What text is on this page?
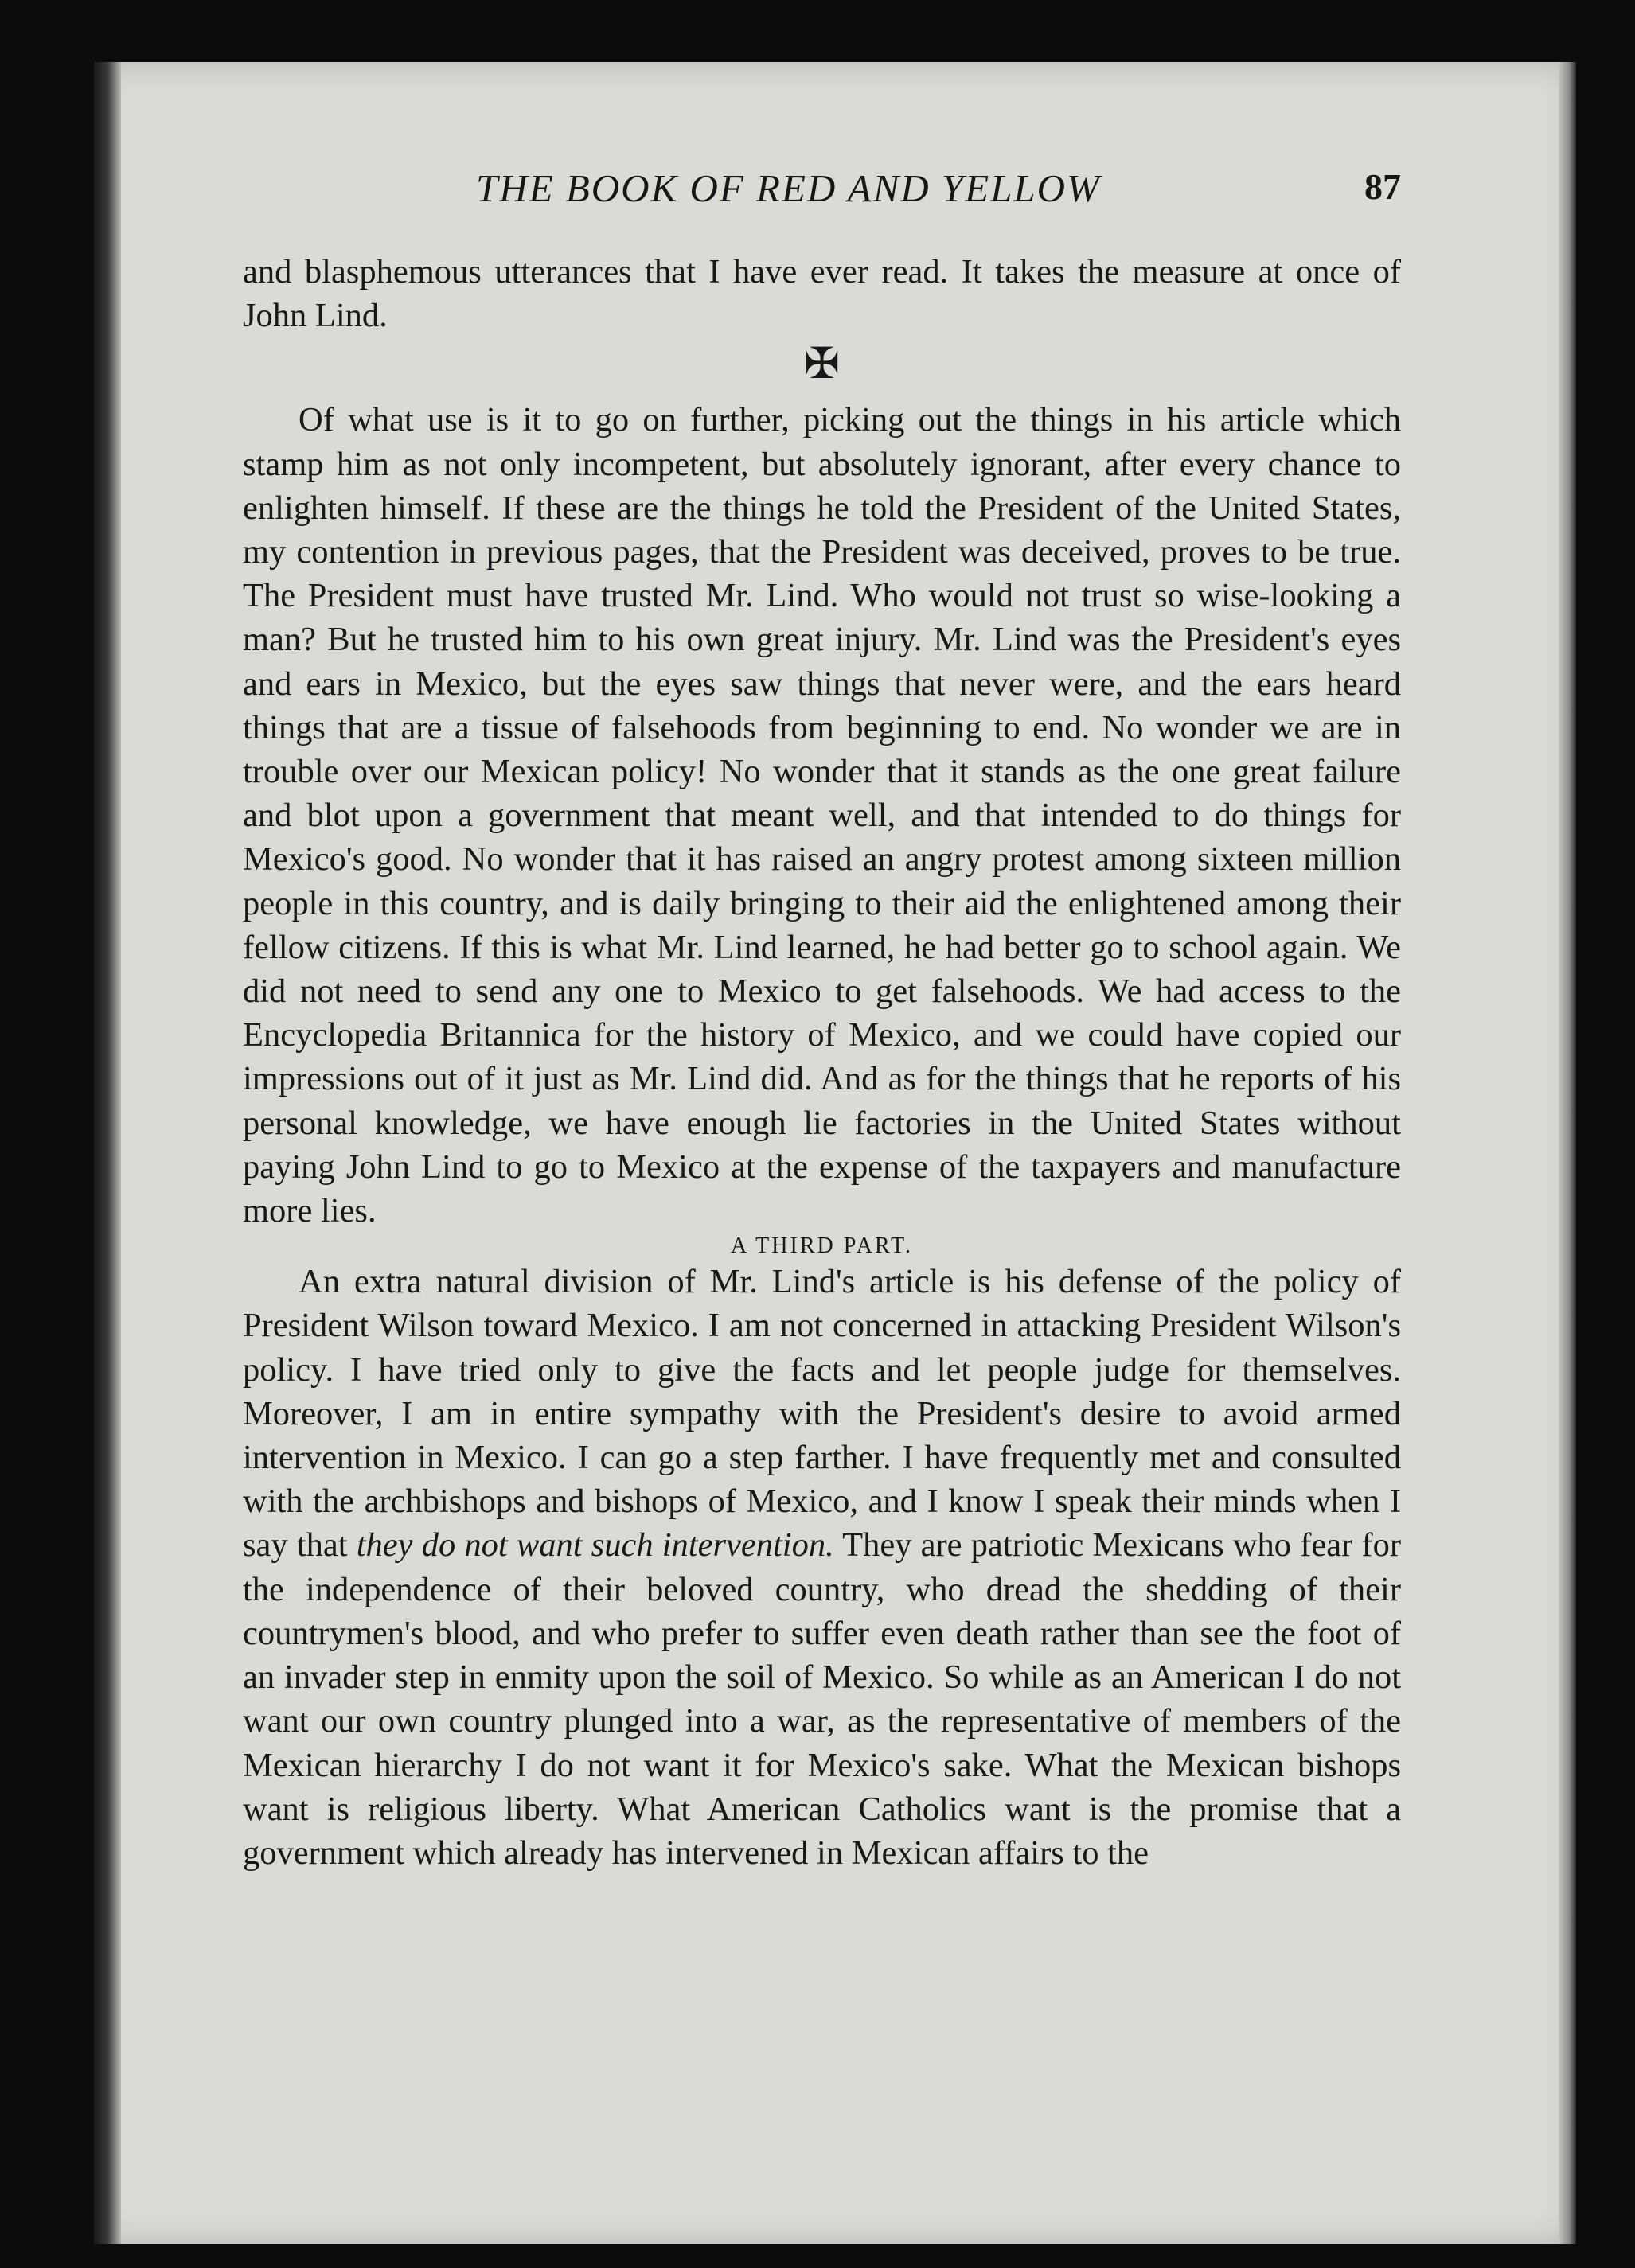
THE BOOK OF RED AND YELLOW	87

and blasphemous utterances that I have ever read. It takes the measure at once of John Lind.

✠

Of what use is it to go on further, picking out the things in his article which stamp him as not only incompetent, but absolutely ignorant, after every chance to enlighten himself. If these are the things he told the President of the United States, my contention in previous pages, that the President was deceived, proves to be true. The President must have trusted Mr. Lind. Who would not trust so wise-looking a man? But he trusted him to his own great injury. Mr. Lind was the President's eyes and ears in Mexico, but the eyes saw things that never were, and the ears heard things that are a tissue of falsehoods from beginning to end. No wonder we are in trouble over our Mexican policy! No wonder that it stands as the one great failure and blot upon a government that meant well, and that intended to do things for Mexico's good. No wonder that it has raised an angry protest among sixteen million people in this country, and is daily bringing to their aid the enlightened among their fellow citizens. If this is what Mr. Lind learned, he had better go to school again. We did not need to send any one to Mexico to get falsehoods. We had access to the Encyclopedia Britannica for the history of Mexico, and we could have copied our impressions out of it just as Mr. Lind did. And as for the things that he reports of his personal knowledge, we have enough lie factories in the United States without paying John Lind to go to Mexico at the expense of the taxpayers and manufacture more lies.

A THIRD PART.

An extra natural division of Mr. Lind's article is his defense of the policy of President Wilson toward Mexico. I am not concerned in attacking President Wilson's policy. I have tried only to give the facts and let people judge for themselves. Moreover, I am in entire sympathy with the President's desire to avoid armed intervention in Mexico. I can go a step farther. I have frequently met and consulted with the archbishops and bishops of Mexico, and I know I speak their minds when I say that they do not want such intervention. They are patriotic Mexicans who fear for the independence of their beloved country, who dread the shedding of their countrymen's blood, and who prefer to suffer even death rather than see the foot of an invader step in enmity upon the soil of Mexico. So while as an American I do not want our own country plunged into a war, as the representative of members of the Mexican hierarchy I do not want it for Mexico's sake. What the Mexican bishops want is religious liberty. What American Catholics want is the promise that a government which already has intervened in Mexican affairs to the
